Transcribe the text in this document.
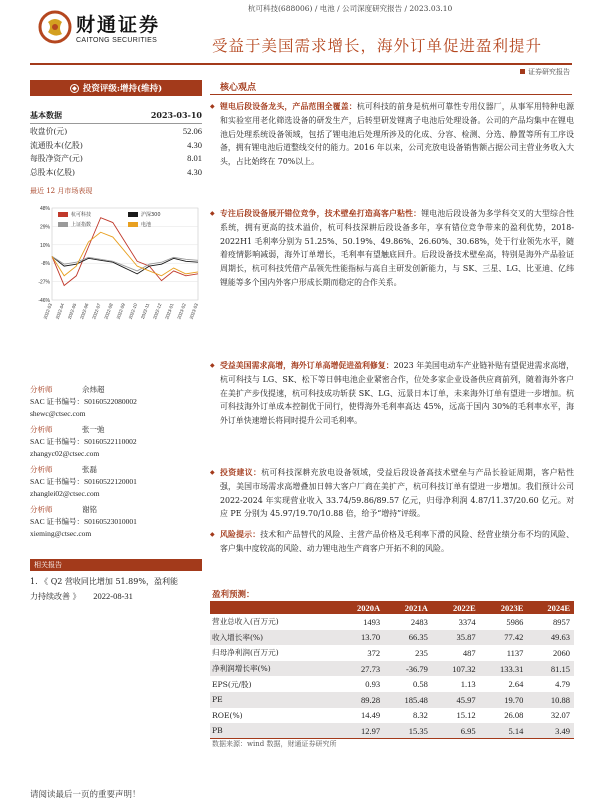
财通证券
CAITONG SECURITIES
杭可科技(688006) / 电池 / 公司深度研究报告 / 2023.03.10
受益于美国需求增长，海外订单促进盈利提升
证券研究报告
◆ 投资评级:增持(维持)
基本数据	2023-03-10
收盘价(元)	52.06
流通股本(亿股)	4.30
每股净资产(元)	8.01
总股本(亿股)	4.30
最近 12 月市场表现
48%
29%
10%
-8%
-27%
-46%
2022-03 2022-04 2022-05 2022-06 2022-07 2022-08 2022-09 2022-10 2022-11 2022-12 2023-01 2023-02 2023-03
杭可科技	沪深300
上证指数	电池
分析师	佘炜超
SAC 证书编号：S0160522080002
shewc@ctsec.com
分析师	张一弛
SAC 证书编号：S0160522110002
zhangyc02@ctsec.com
分析师	张磊
SAC 证书编号：S0160522120001
zhanglei02@ctsec.com
分析师	谢铭
SAC 证书编号：S0160523010001
xieming@ctsec.com
相关报告
1. 《 Q2 营收同比增加 51.89%，盈利能
力持续改善 》 2022-08-31
核心观点
◆ 锂电后段设备龙头，产品范围全覆盖：杭可科技的前身是杭州可靠性专用仪器厂，从事军用特种电源和实验室用老化筛选设备的研发生产，后转型研发锂离子电池后处理设备。公司的产品均集中在锂电池后处理系统设备领域，包括了锂电池后处理所涉及的化成、分容、检测、分选、静置等所有工序设备，拥有锂电池后道整线交付的能力。2016 年以来，公司充放电设备销售额占据公司主营业务收入大头，占比始终在 70%以上。
◆ 专注后段设备展开错位竞争，技术壁垒打造高客户粘性：锂电池后段设备为多学科交叉的大型综合性系统，拥有更高的技术溢价，杭可科技深耕后段设备多年，享有错位竞争带来的盈利优势，2018-2022H1 毛利率分别为 51.25%、50.19%、49.86%、26.60%、30.68%，处于行业领先水平，随着疫情影响减弱，海外订单增长，毛利率有望触底回升。后段设备技术壁垒高，特别是海外产品验证周期长，杭可科技凭借产品领先性能指标与高自主研发创新能力，与 SK、三星、LG、比亚迪、亿纬锂能等多个国内外客户形成长期而稳定的合作关系。
◆ 受益美国需求高增，海外订单高增促进盈利修复：2023 年美国电动车产业链补贴有望促进需求高增，杭可科技与 LG、SK、松下等日韩电池企业紧密合作，位处多家企业设备供应商前列，随着海外客户在美扩产步伐提速，杭可科技成功斩获 SK、LG、远景日本订单，未来海外订单有望进一步增加。杭可科技海外订单成本控制优于同行，使得海外毛利率高达 45%，远高于国内 30%的毛利率水平，海外订单快速增长将同时提升公司毛利率。
◆ 投资建议：杭可科技深耕充放电设备领域，受益后段设备高技术壁垒与产品长验证周期，客户粘性强，美国市场需求高增叠加日韩大客户厂商在美扩产，杭可科技订单有望进一步增加。我们预计公司 2022-2024 年实现营业收入 33.74/59.86/89.57 亿元，归母净利润 4.87/11.37/20.60 亿元。对应 PE 分别为 45.97/19.70/10.88 倍，给予“增持”评级。
◆ 风险提示：技术和产品替代的风险、主营产品价格及毛利率下滑的风险、经营业绩分布不均的风险、客户集中度较高的风险、动力锂电池生产商客户开拓不利的风险。
盈利预测：
	2020A	2021A	2022E	2023E	2024E
营业总收入(百万元)	1493	2483	3374	5986	8957
收入增长率(%)	13.70	66.35	35.87	77.42	49.63
归母净利润(百万元)	372	235	487	1137	2060
净利润增长率(%)	27.73	-36.79	107.32	133.31	81.15
EPS(元/股)	0.93	0.58	1.13	2.64	4.79
PE	89.28	185.48	45.97	19.70	10.88
ROE(%)	14.49	8.32	15.12	26.08	32.07
PB	12.97	15.35	6.95	5.14	3.49
数据来源：wind 数据，财通证券研究所
请阅读最后一页的重要声明！
